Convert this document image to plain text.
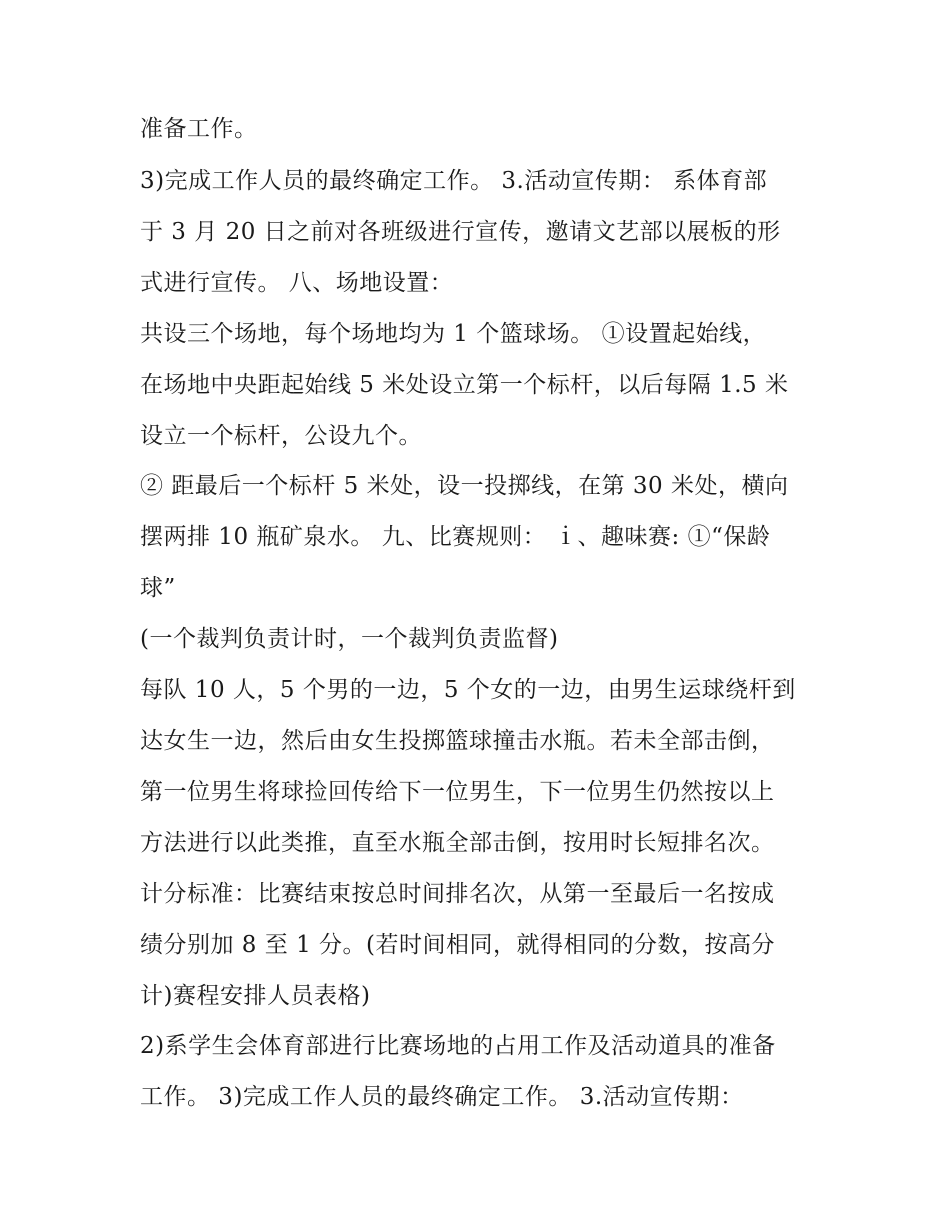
准备工作。

3)完成工作人员的最终确定工作。 3.活动宣传期： 系体育部

于 3 月 20 日之前对各班级进行宣传，邀请文艺部以展板的形

式进行宣传。 八、场地设置：

共设三个场地，每个场地均为 1 个篮球场。 ①设置起始线，

在场地中央距起始线 5 米处设立第一个标杆，以后每隔 1.5 米

设立一个标杆，公设九个。

② 距最后一个标杆 5 米处，设一投掷线，在第 30 米处，横向

摆两排 10 瓶矿泉水。 九、比赛规则： ｉ、趣味赛: ①“保龄

球”

(一个裁判负责计时，一个裁判负责监督)

每队 10 人，5 个男的一边，5 个女的一边，由男生运球绕杆到

达女生一边，然后由女生投掷篮球撞击水瓶。若未全部击倒，

第一位男生将球捡回传给下一位男生，下一位男生仍然按以上

方法进行以此类推，直至水瓶全部击倒，按用时长短排名次。

计分标准：比赛结束按总时间排名次，从第一至最后一名按成

绩分别加 8 至 1 分。(若时间相同，就得相同的分数，按高分

计)赛程安排人员表格)

2)系学生会体育部进行比赛场地的占用工作及活动道具的准备

工作。 3)完成工作人员的最终确定工作。 3.活动宣传期：
